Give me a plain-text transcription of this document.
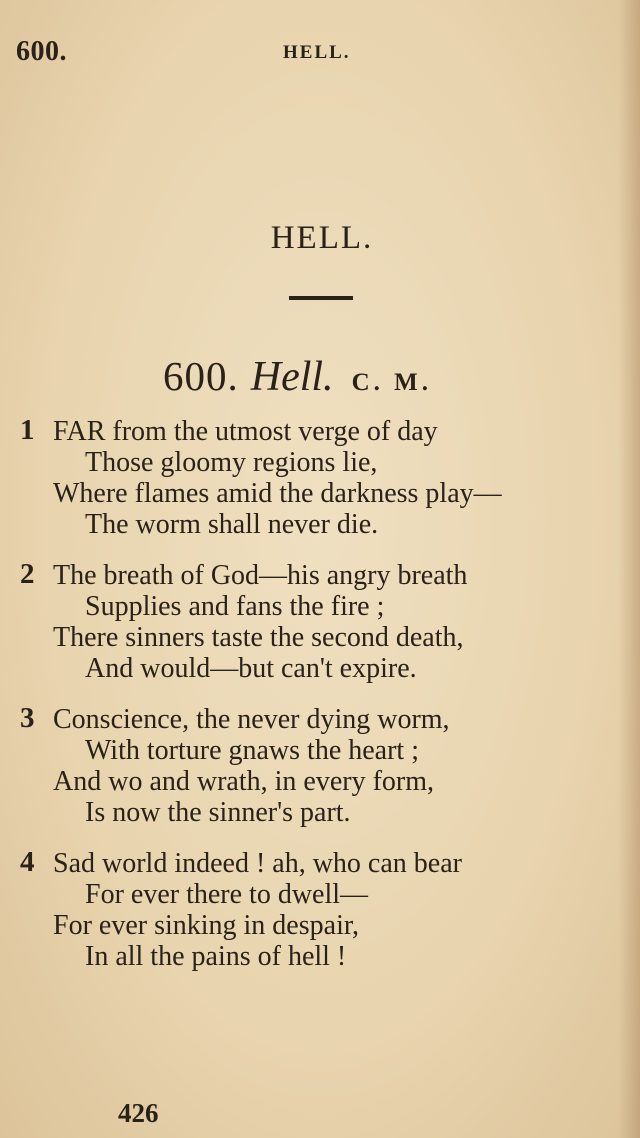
600.	HELL.
HELL.
600. Hell. C. M.
1 FAR from the utmost verge of day
Those gloomy regions lie,
Where flames amid the darkness play—
The worm shall never die.
2 The breath of God—his angry breath
Supplies and fans the fire ;
There sinners taste the second death,
And would—but can't expire.
3 Conscience, the never dying worm,
With torture gnaws the heart ;
And wo and wrath, in every form,
Is now the sinner's part.
4 Sad world indeed ! ah, who can bear
For ever there to dwell—
For ever sinking in despair,
In all the pains of hell !
426
